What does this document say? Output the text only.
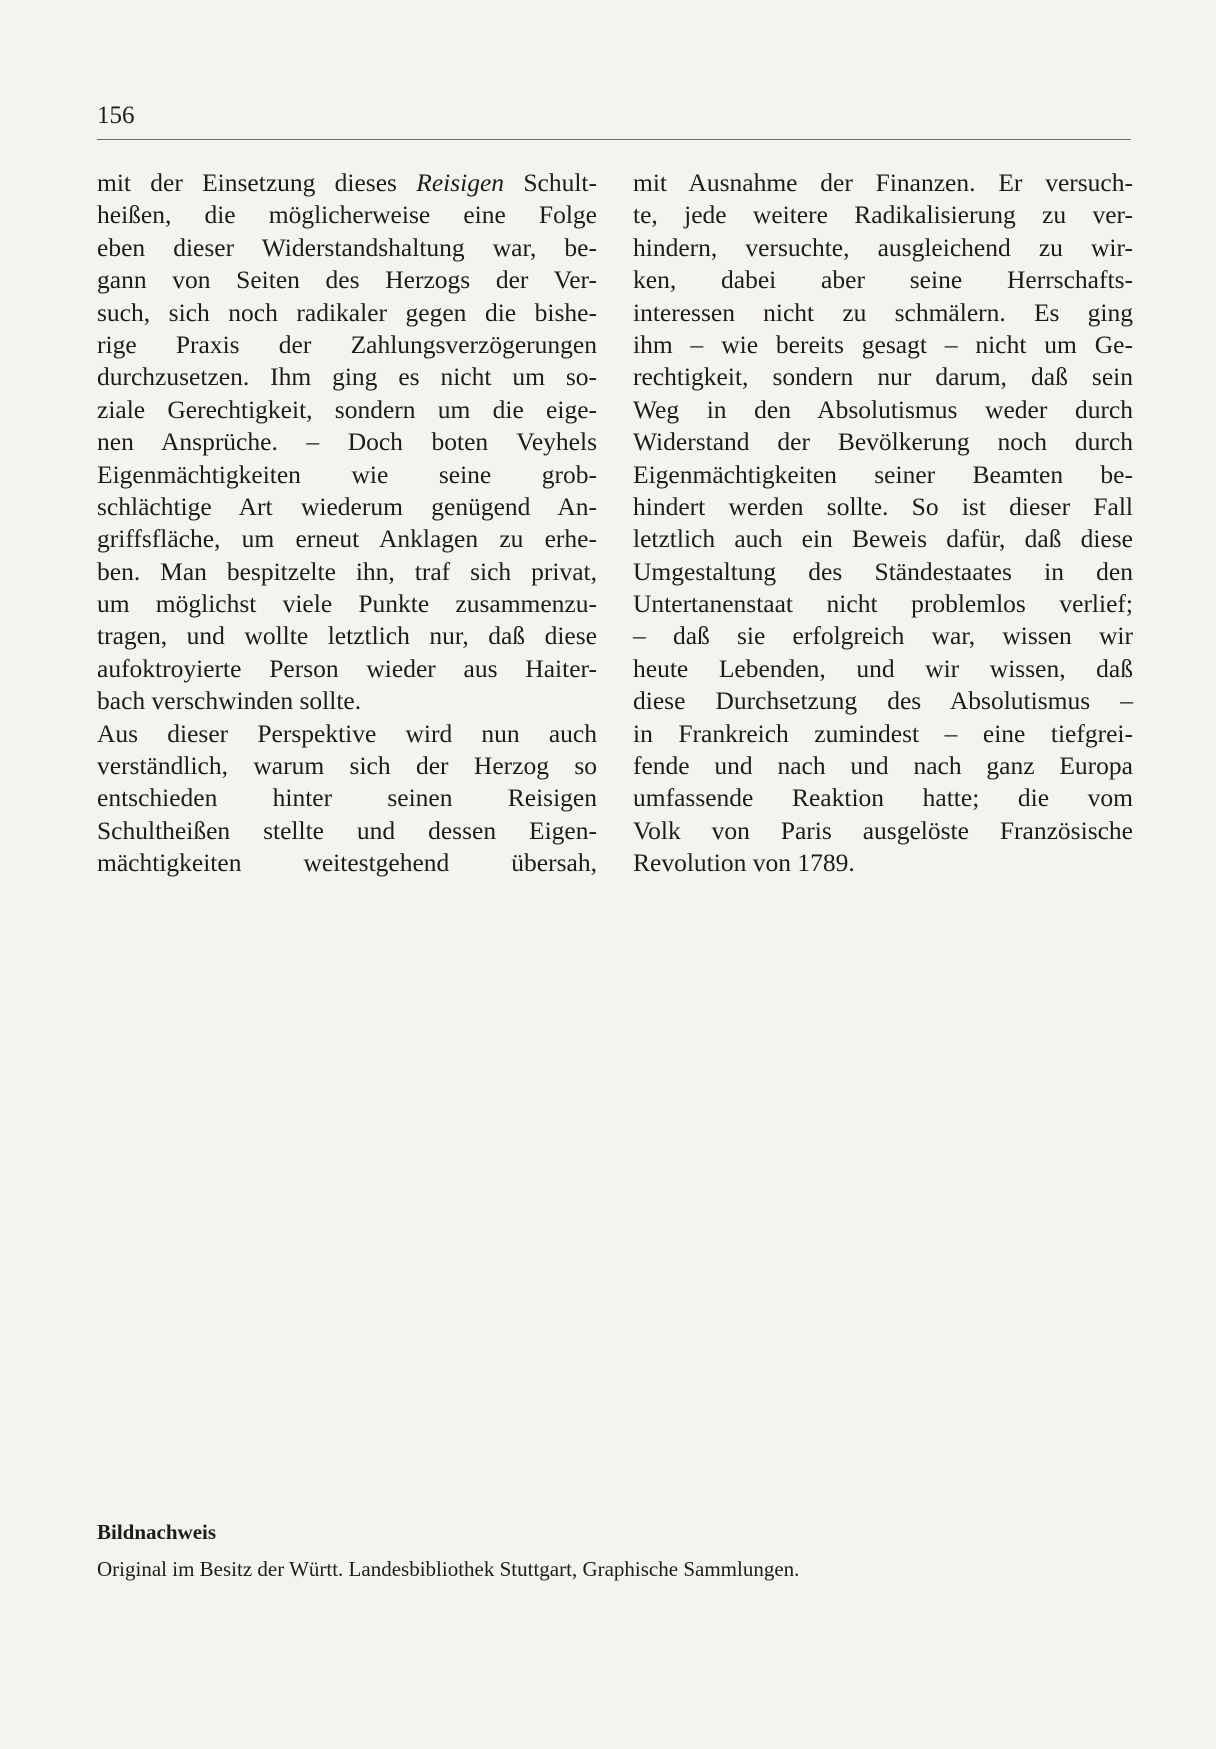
156
mit der Einsetzung dieses Reisigen Schult-
heißen, die möglicherweise eine Folge
eben dieser Widerstandshaltung war, be-
gann von Seiten des Herzogs der Ver-
such, sich noch radikaler gegen die bishe-
rige Praxis der Zahlungsverzögerungen
durchzusetzen. Ihm ging es nicht um so-
ziale Gerechtigkeit, sondern um die eige-
nen Ansprüche. – Doch boten Veyhels
Eigenmächtigkeiten wie seine grob-
schlächtige Art wiederum genügend An-
griffsfläche, um erneut Anklagen zu erhe-
ben. Man bespitzelte ihn, traf sich privat,
um möglichst viele Punkte zusammenzu-
tragen, und wollte letztlich nur, daß diese
aufoktroyierte Person wieder aus Haiter-
bach verschwinden sollte.
Aus dieser Perspektive wird nun auch
verständlich, warum sich der Herzog so
entschieden hinter seinen Reisigen
Schultheißen stellte und dessen Eigen-
mächtigkeiten weitestgehend übersah,
mit Ausnahme der Finanzen. Er versuch-
te, jede weitere Radikalisierung zu ver-
hindern, versuchte, ausgleichend zu wir-
ken, dabei aber seine Herrschafts-
interessen nicht zu schmälern. Es ging
ihm – wie bereits gesagt – nicht um Ge-
rechtigkeit, sondern nur darum, daß sein
Weg in den Absolutismus weder durch
Widerstand der Bevölkerung noch durch
Eigenmächtigkeiten seiner Beamten be-
hindert werden sollte. So ist dieser Fall
letztlich auch ein Beweis dafür, daß diese
Umgestaltung des Ständestaates in den
Untertanenstaat nicht problemlos verlief;
– daß sie erfolgreich war, wissen wir
heute Lebenden, und wir wissen, daß
diese Durchsetzung des Absolutismus –
in Frankreich zumindest – eine tiefgrei-
fende und nach und nach ganz Europa
umfassende Reaktion hatte; die vom
Volk von Paris ausgelöste Französische
Revolution von 1789.
Bildnachweis
Original im Besitz der Württ. Landesbibliothek Stuttgart, Graphische Sammlungen.
